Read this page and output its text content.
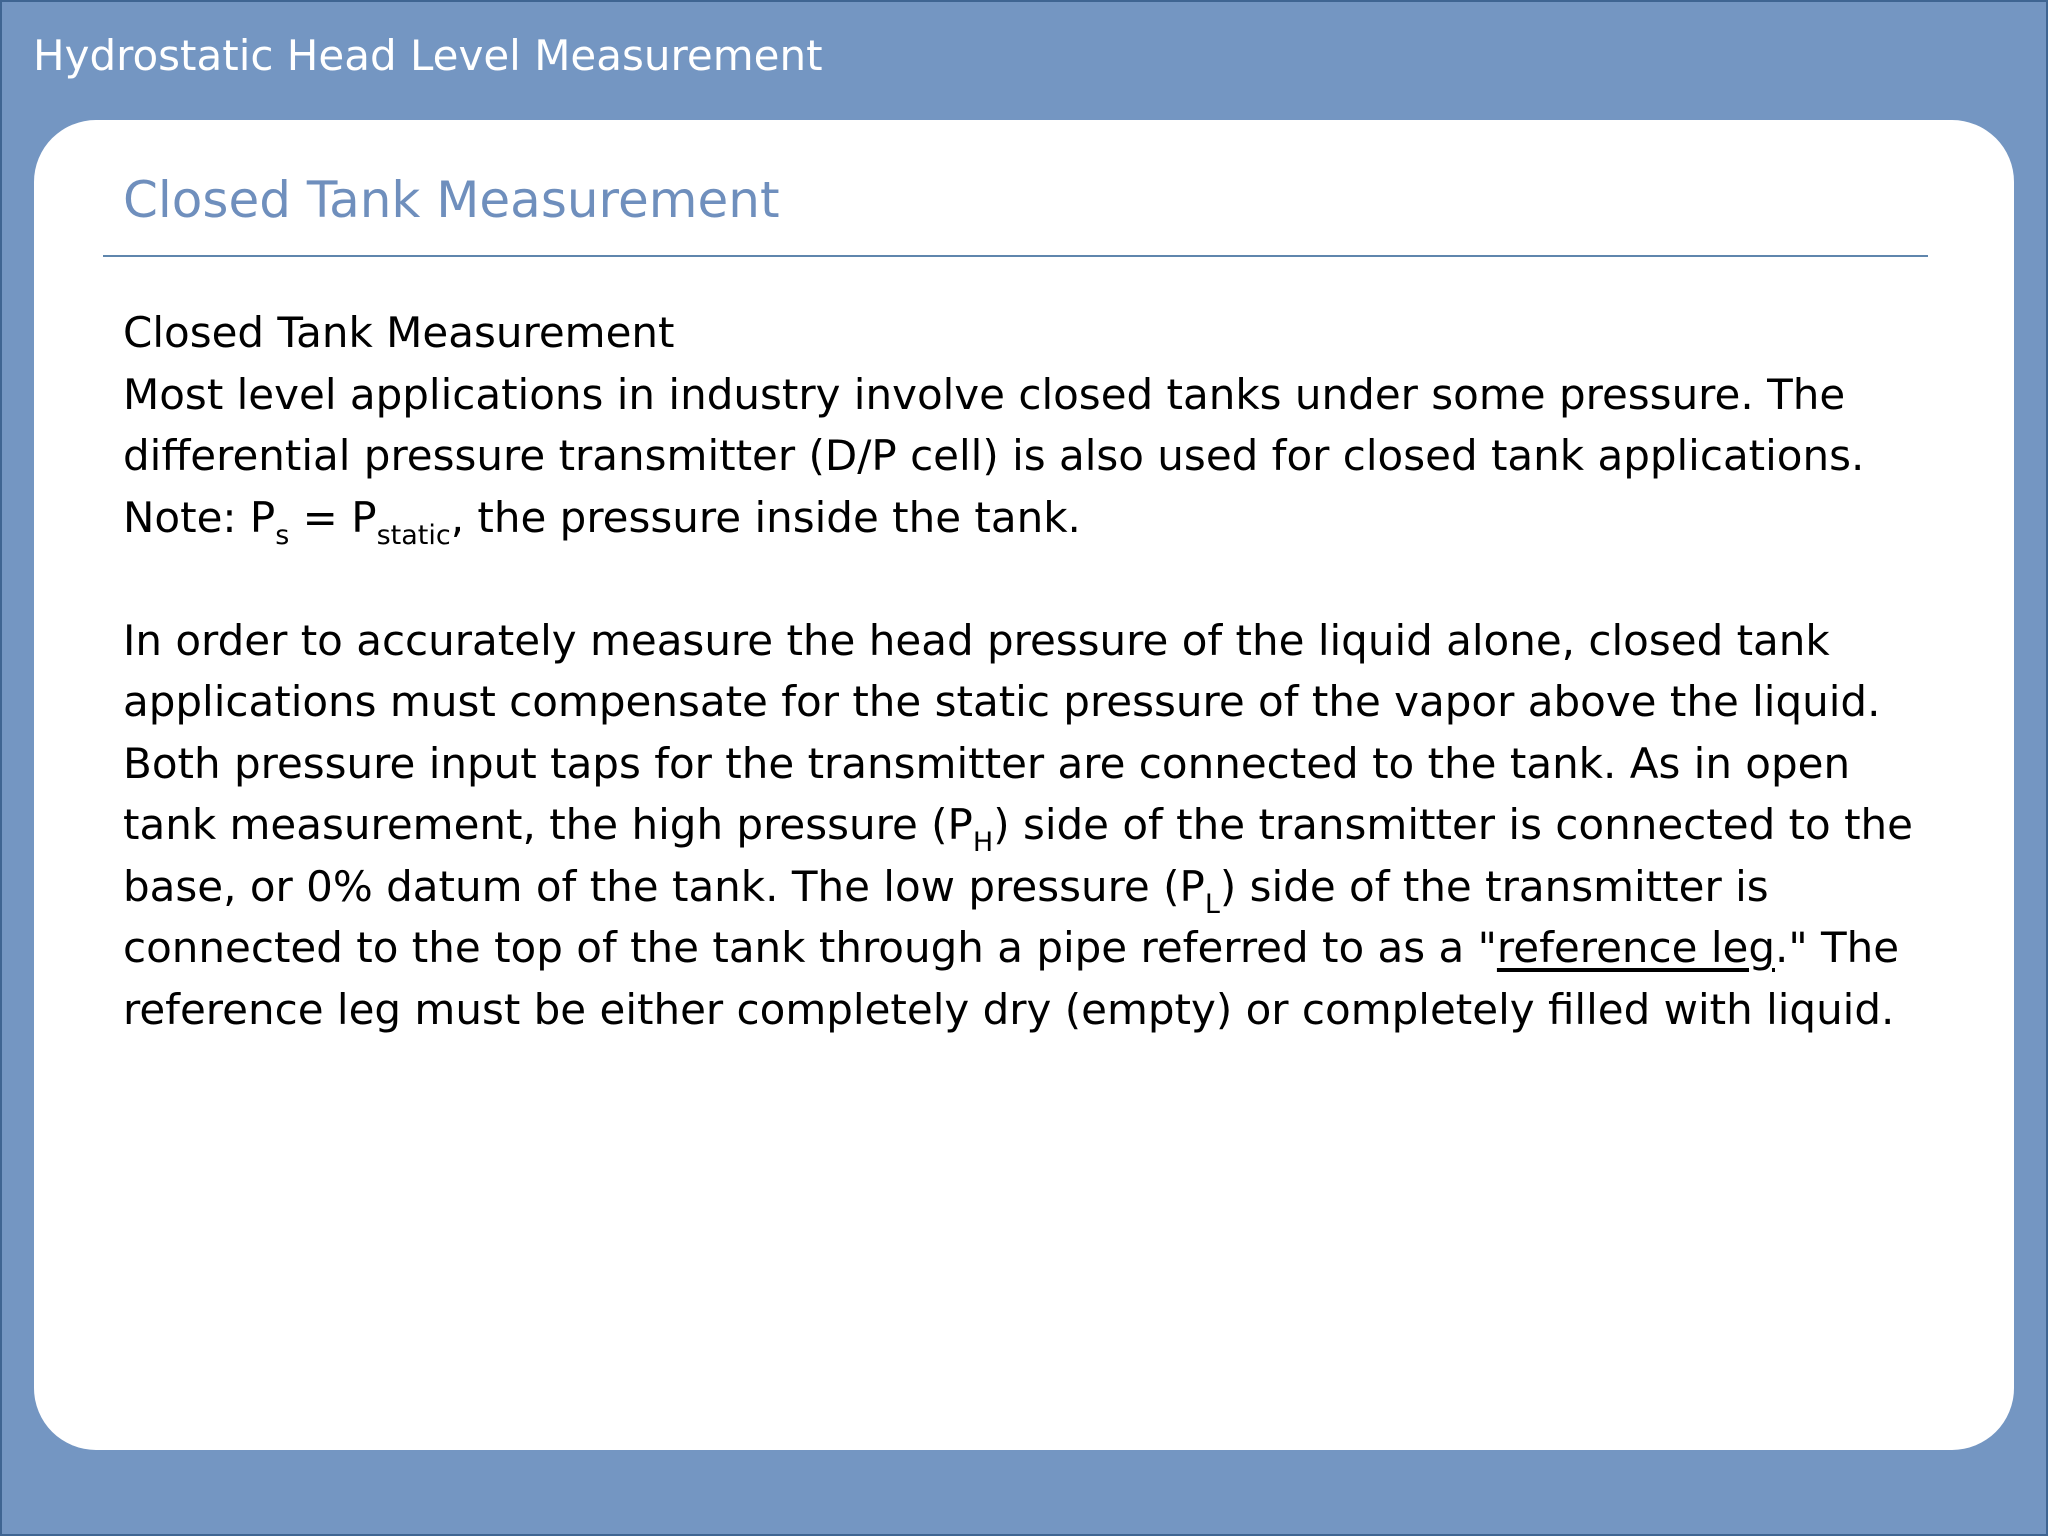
Hydrostatic Head Level Measurement
Closed Tank Measurement

Closed Tank Measurement

Most level applications in industry involve closed tanks under some pressure. The

differential pressure transmitter (D/P cell) is also used for closed tank applications.

Note: $P_s = P_{static}$, the pressure inside the tank.

In order to accurately measure the head pressure of the liquid alone, closed tank

applications must compensate for the static pressure of the vapor above the liquid.

Both pressure input taps for the transmitter are connected to the tank. As in open

tank measurement, the high pressure $(P_H)$ side of the transmitter is connected to the

base, or 0% datum of the tank. The low pressure $(P_L)$ side of the transmitter is

connected to the top of the tank through a pipe referred to as a "reference leg." The

reference leg must be either completely dry (empty) or completely filled with liquid.
